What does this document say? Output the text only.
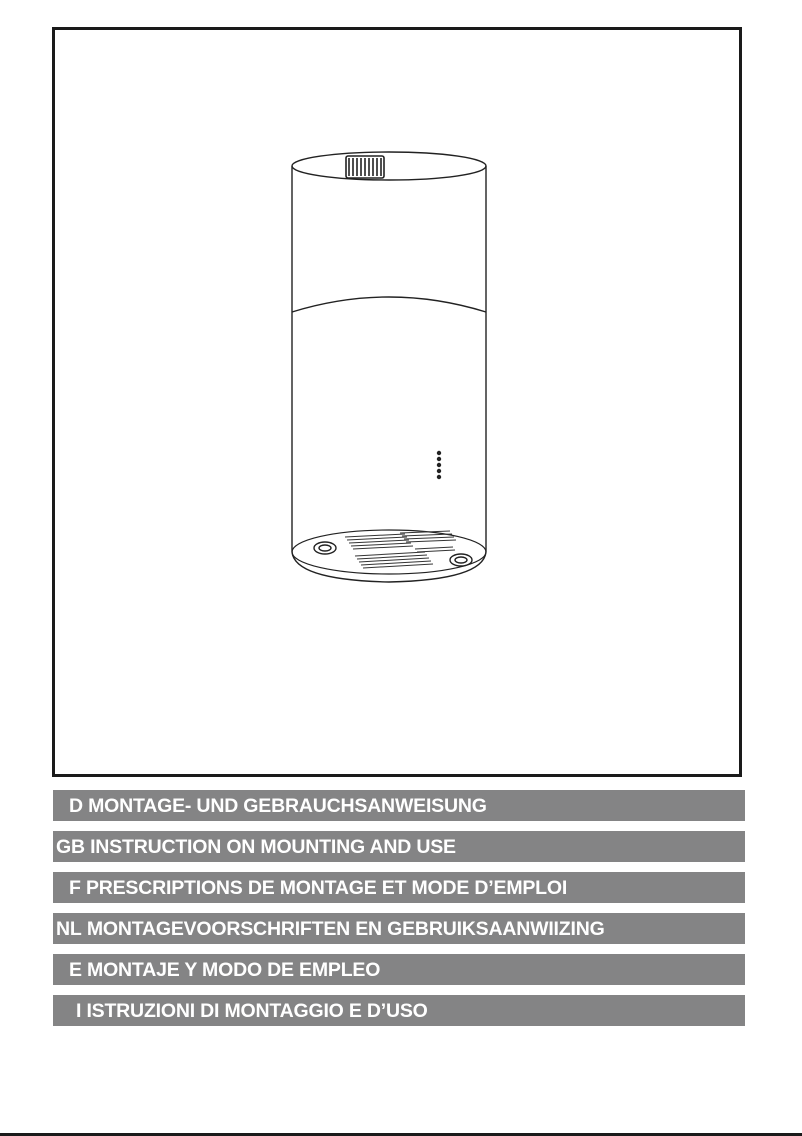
D MONTAGE- UND GEBRAUCHSANWEISUNG
GB INSTRUCTION ON MOUNTING AND USE
F PRESCRIPTIONS DE MONTAGE ET MODE D’EMPLOI
NL MONTAGEVOORSCHRIFTEN EN GEBRUIKSAANWIIZING
E MONTAJE Y MODO DE EMPLEO
I ISTRUZIONI DI MONTAGGIO E D’USO
